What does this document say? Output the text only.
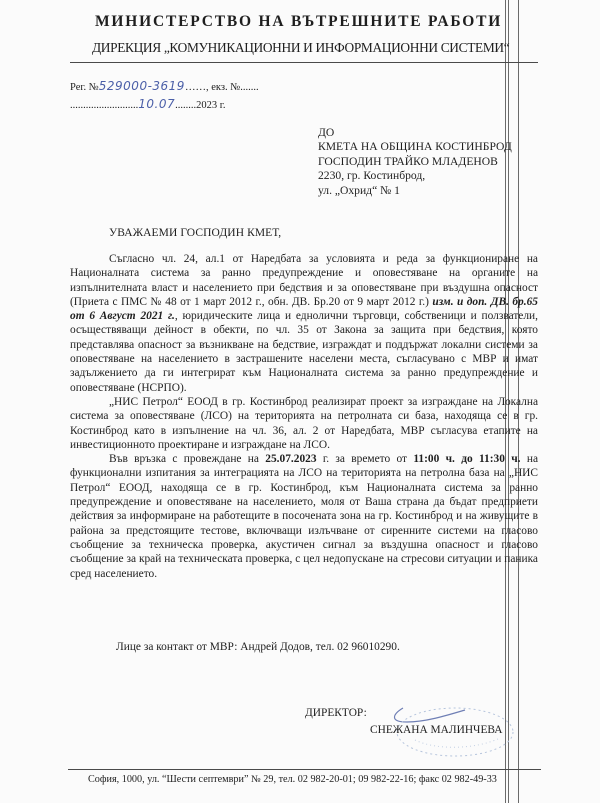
МИНИСТЕРСТВО НА ВЪТРЕШНИТЕ РАБОТИ
ДИРЕКЦИЯ „КОМУНИКАЦИОННИ И ИНФОРМАЦИОННИ СИСТЕМИ“
Рег. №529000-3619……, екз. №.......
..........................10.07........2023 г.
ДО
КМЕТА НА ОБЩИНА КОСТИНБРОД
ГОСПОДИН ТРАЙКО МЛАДЕНОВ
2230, гр. Костинброд,
ул. „Охрид“ № 1
УВАЖАЕМИ ГОСПОДИН КМЕТ,

Съгласно чл. 24, ал.1 от Наредбата за условията и реда за функциониране на Националната система за ранно предупреждение и оповестяване на органите на изпълнителната власт и населението при бедствия и за оповестяване при въздушна опасност (Приета с ПМС № 48 от 1 март 2012 г., обн. ДВ. Бр.20 от 9 март 2012 г.) изм. и доп. ДВ. бр.65 от 6 Август 2021 г., юридическите лица и еднолични търговци, собственици и ползватели, осъществяващи дейност в обекти, по чл. 35 от Закона за защита при бедствия, която представлява опасност за възникване на бедствие, изграждат и поддържат локални системи за оповестяване на населението в застрашените населени места, съгласувано с МВР и имат задължението да ги интегрират към Националната система за ранно предупреждение и оповестяване (НСРПО).

„НИС Петрол“ ЕООД в гр. Костинброд реализират проект за изграждане на Локална система за оповестяване (ЛСО) на територията на петролната си база, находяща се в гр. Костинброд като в изпълнение на чл. 36, ал. 2 от Наредбата, МВР съгласува етапите на инвестиционното проектиране и изграждане на ЛСО.

Във връзка с провеждане на 25.07.2023 г. за времето от 11:00 ч. до 11:30 ч. на функционални изпитания за интеграцията на ЛСО на територията на петролна база на „НИС Петрол“ ЕООД, находяща се в гр. Костинброд, към Националната система за ранно предупреждение и оповестяване на населението, моля от Ваша страна да бъдат предприети действия за информиране на работещите в посочената зона на гр. Костинброд и на живущите в района за предстоящите тестове, включващи излъчване от сиренните системи на гласово съобщение за техническа проверка, акустичен сигнал за въздушна опасност и гласово съобщение за край на техническата проверка, с цел недопускане на стресови ситуации и паника сред населението.

Лице за контакт от МВР: Андрей Додов, тел. 02 96010290.
ДИРЕКТОР:
СНЕЖАНА МАЛИНЧЕВА
София, 1000, ул. “Шести септември” № 29, тел. 02 982-20-01; 09 982-22-16; факс 02 982-49-33
